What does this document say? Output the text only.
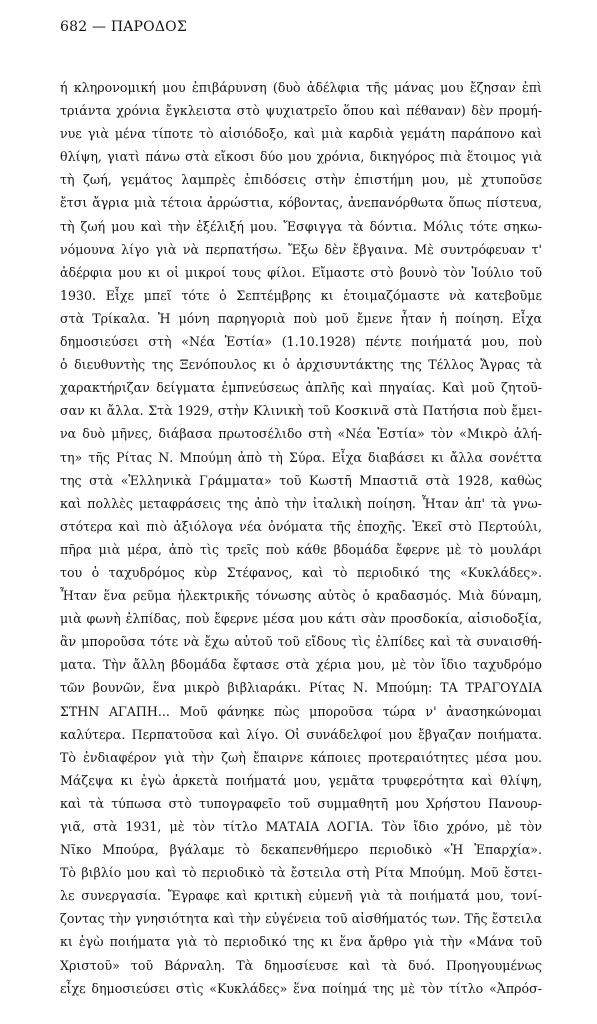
682 — ΠΑΡΟΔΟΣ
ή κληρονομική μου ἐπιβάρυνση (δυὸ ἀδέλφια τῆς μάνας μου ἔζησαν ἐπὶ
τριάντα χρόνια ἔγκλειστα στὸ ψυχιατρεῖο ὅπου καὶ πέθαναν) δὲν προμή-
νυε γιὰ μένα τίποτε τὸ αἰσιόδοξο, καὶ μιὰ καρδιὰ γεμάτη παράπονο καὶ
θλίψη, γιατὶ πάνω στὰ εἴκοσι δύο μου χρόνια, δικηγόρος πιὰ ἕτοιμος γιὰ
τὴ ζωή, γεμάτος λαμπρὲς ἐπιδόσεις στὴν ἐπιστήμη μου, μὲ χτυποῦσε
ἔτσι ἄγρια μιὰ τέτοια ἀρρώστια, κόβοντας, ἀνεπανόρθωτα ὅπως πίστευα,
τὴ ζωή μου καὶ τὴν ἐξέλιξή μου. Ἔσφιγγα τὰ δόντια. Μόλις τότε σηκω-
νόμουνα λίγο γιὰ νὰ περπατήσω. Ἔξω δὲν ἔβγαινα. Μὲ συντρόφευαν τ'
ἀδέρφια μου κι οἱ μικροί τους φίλοι. Εἴμαστε στὸ βουνὸ τὸν Ἰούλιο τοῦ
1930. Εἶχε μπεῖ τότε ὁ Σεπτέμβρης κι ἑτοιμαζόμαστε νὰ κατεβοῦμε
στὰ Τρίκαλα. Ἡ μόνη παρηγοριὰ ποὺ μοῦ ἔμενε ἦταν ἡ ποίηση. Εἶχα
δημοσιεύσει στὴ «Νέα Ἑστία» (1.10.1928) πέντε ποιήματά μου, ποὺ
ὁ διευθυντὴς της Ξενόπουλος κι ὁ ἀρχισυντάκτης της Τέλλος Ἄγρας τὰ
χαρακτήριζαν δείγματα ἐμπνεύσεως ἁπλῆς καὶ πηγαίας. Καὶ μοῦ ζητοῦ-
σαν κι ἄλλα. Στὰ 1929, στὴν Κλινικὴ τοῦ Κοσκινᾶ στὰ Πατήσια ποὺ ἔμει-
να δυὸ μῆνες, διάβασα πρωτοσέλιδο στὴ «Νέα Ἑστία» τὸν «Μικρὸ ἀλή-
τη» τῆς Ρίτας Ν. Μπούμη ἀπὸ τὴ Σύρα. Εἶχα διαβάσει κι ἄλλα σονέττα
της στὰ «Ἑλληνικὰ Γράμματα» τοῦ Κωστῆ Μπαστιᾶ στὰ 1928, καθὼς
καὶ πολλὲς μεταφράσεις της ἀπὸ τὴν ἰταλικὴ ποίηση. Ἦταν ἀπ' τὰ γνω-
στότερα καὶ πιὸ ἀξιόλογα νέα ὀνόματα τῆς ἐποχῆς. Ἐκεῖ στὸ Περτούλι,
πῆρα μιὰ μέρα, ἀπὸ τὶς τρεῖς ποὺ κάθε βδομάδα ἔφερνε μὲ τὸ μουλάρι
του ὁ ταχυδρόμος κὺρ Στέφανος, καὶ τὸ περιοδικό της «Κυκλάδες».
Ἦταν ἕνα ρεῦμα ἠλεκτρικῆς τόνωσης αὐτὸς ὁ κραδασμός. Μιὰ δύναμη,
μιὰ φωνὴ ἐλπίδας, ποὺ ἔφερνε μέσα μου κάτι σὰν προσδοκία, αἰσιοδοξία,
ἂν μποροῦσα τότε νὰ ἔχω αὐτοῦ τοῦ εἴδους τὶς ἐλπίδες καὶ τὰ συναισθή-
ματα. Τὴν ἄλλη βδομάδα ἔφτασε στὰ χέρια μου, μὲ τὸν ἴδιο ταχυδρόμο
τῶν βουνῶν, ἕνα μικρὸ βιβλιαράκι. Ρίτας Ν. Μπούμη: ΤΑ ΤΡΑΓΟΥΔΙΑ
ΣΤΗΝ ΑΓΑΠΗ... Μοῦ φάνηκε πὼς μποροῦσα τώρα ν' ἀνασηκώνομαι
καλύτερα. Περπατοῦσα καὶ λίγο. Οἱ συνάδελφοί μου ἔβγαζαν ποιήματα.
Τὸ ἐνδιαφέρον γιὰ τὴν ζωὴ ἔπαιρνε κάποιες προτεραιότητες μέσα μου.
Μάζεψα κι ἐγὼ ἀρκετὰ ποιήματά μου, γεμᾶτα τρυφερότητα καὶ θλίψη,
καὶ τὰ τύπωσα στὸ τυπογραφεῖο τοῦ συμμαθητῆ μου Χρήστου Πανουρ-
γιᾶ, στὰ 1931, μὲ τὸν τίτλο ΜΑΤΑΙΑ ΛΟΓΙΑ. Τὸν ἴδιο χρόνο, μὲ τὸν
Νῖκο Μπούρα, βγάλαμε τὸ δεκαπενθήμερο περιοδικὸ «Ἡ Ἐπαρχία».
Τὸ βιβλίο μου καὶ τὸ περιοδικὸ τὰ ἔστειλα στὴ Ρίτα Μπούμη. Μοῦ ἔστει-
λε συνεργασία. Ἔγραφε καὶ κριτικὴ εὐμενῆ γιὰ τὰ ποιήματά μου, τονί-
ζοντας τὴν γνησιότητα καὶ τὴν εὐγένεια τοῦ αἰσθήματός των. Τῆς ἔστειλα
κι ἐγὼ ποιήματα γιὰ τὸ περιοδικό της κι ἕνα ἄρθρο γιὰ τὴν «Μάνα τοῦ
Χριστοῦ» τοῦ Βάρναλη. Τὰ δημοσίευσε καὶ τὰ δυό. Προηγουμένως
εἶχε δημοσιεύσει στὶς «Κυκλάδες» ἕνα ποίημά της μὲ τὸν τίτλο «Ἀπρόσ-
